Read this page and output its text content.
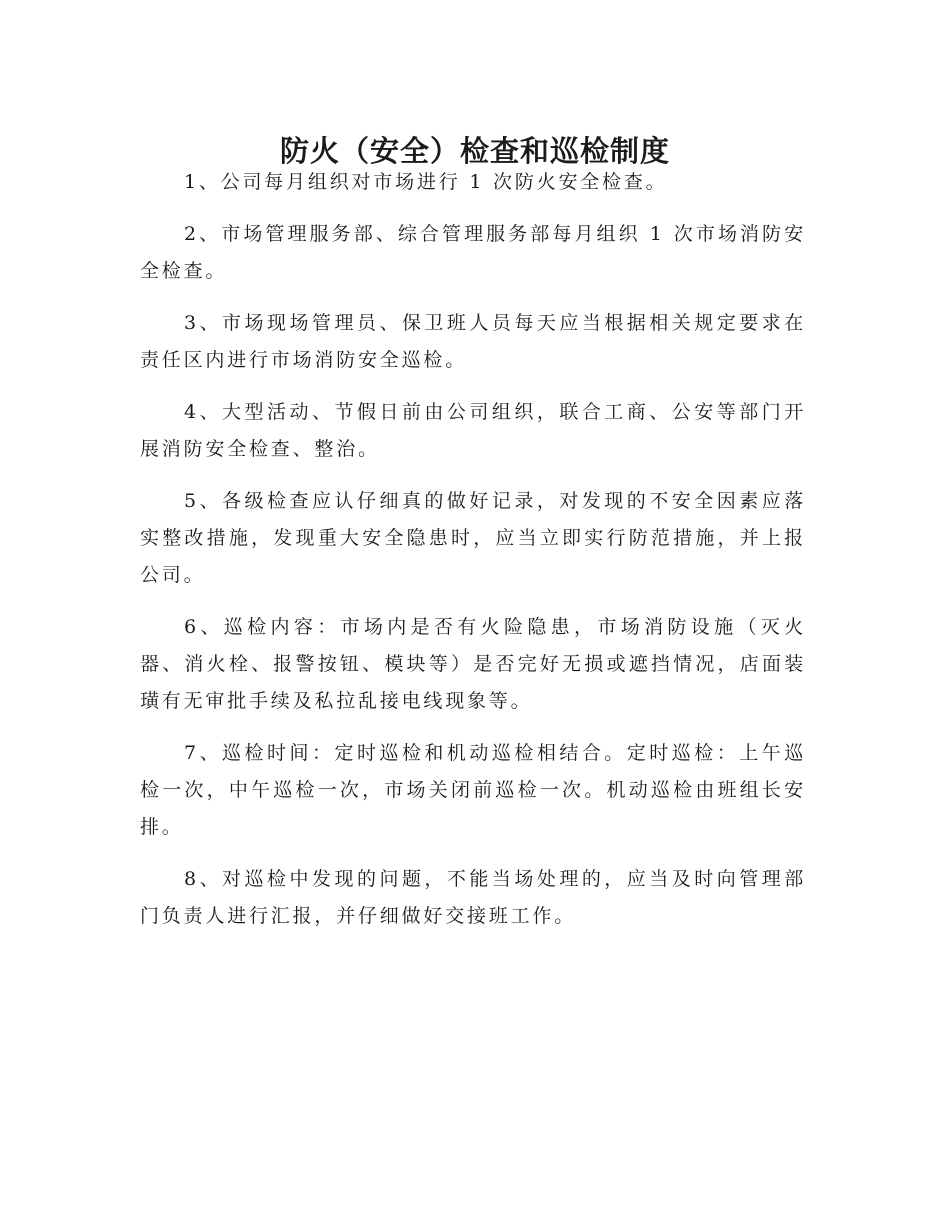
防火（安全）检查和巡检制度

1、公司每月组织对市场进行 1 次防火安全检查。

2、市场管理服务部、综合管理服务部每月组织 1 次市场消防安全检查。

3、市场现场管理员、保卫班人员每天应当根据相关规定要求在责任区内进行市场消防安全巡检。

4、大型活动、节假日前由公司组织，联合工商、公安等部门开展消防安全检查、整治。

5、各级检查应认仔细真的做好记录，对发现的不安全因素应落实整改措施，发现重大安全隐患时，应当立即实行防范措施，并上报公司。

6、巡检内容：市场内是否有火险隐患，市场消防设施（灭火器、消火栓、报警按钮、模块等）是否完好无损或遮挡情况，店面装璜有无审批手续及私拉乱接电线现象等。

7、巡检时间：定时巡检和机动巡检相结合。定时巡检：上午巡检一次，中午巡检一次，市场关闭前巡检一次。机动巡检由班组长安排。

8、对巡检中发现的问题，不能当场处理的，应当及时向管理部门负责人进行汇报，并仔细做好交接班工作。
